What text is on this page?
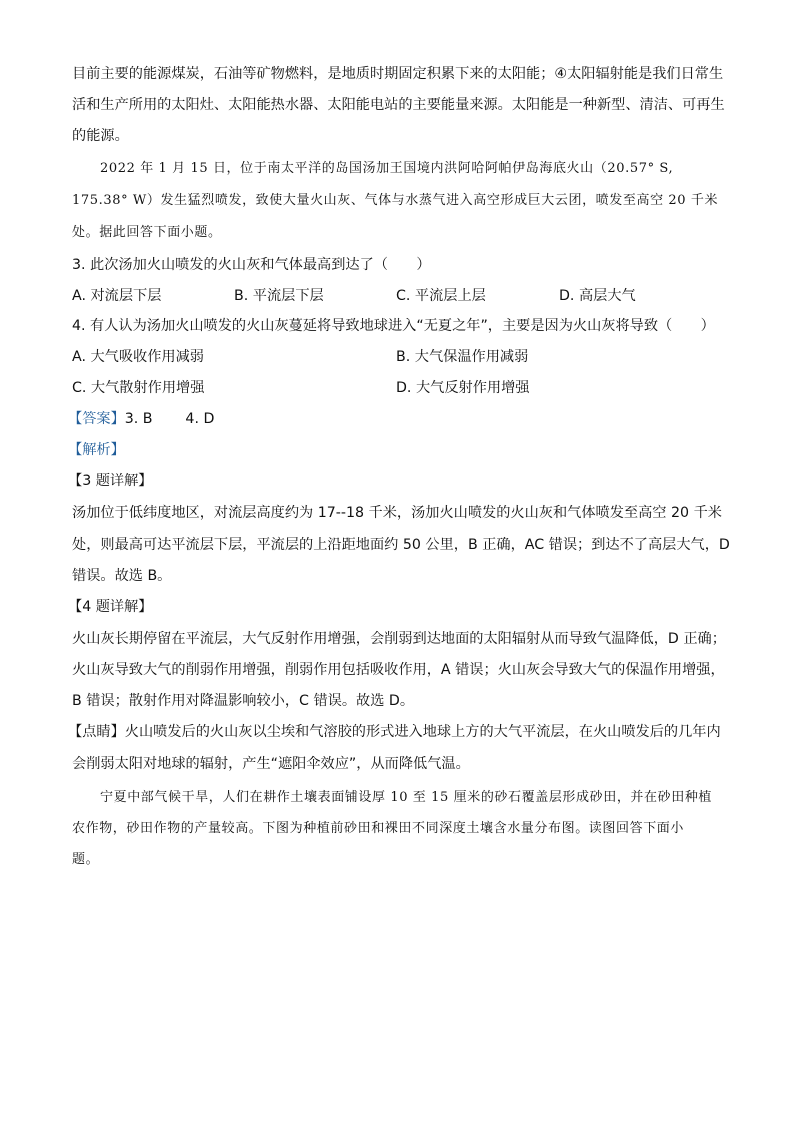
目前主要的能源煤炭，石油等矿物燃料，是地质时期固定积累下来的太阳能；④太阳辐射能是我们日常生
活和生产所用的太阳灶、太阳能热水器、太阳能电站的主要能量来源。太阳能是一种新型、清洁、可再生
的能源。
2022 年 1 月 15 日，位于南太平洋的岛国汤加王国境内洪阿哈阿帕伊岛海底火山（20.57° S,
175.38° W）发生猛烈喷发，致使大量火山灰、气体与水蒸气进入高空形成巨大云团，喷发至高空 20 千米
处。据此回答下面小题。
3. 此次汤加火山喷发的火山灰和气体最高到达了（　　）
A. 对流层下层	B. 平流层下层	C. 平流层上层	D. 高层大气
4. 有人认为汤加火山喷发的火山灰蔓延将导致地球进入“无夏之年”，主要是因为火山灰将导致（　　）
A. 大气吸收作用减弱	B. 大气保温作用减弱
C. 大气散射作用增强	D. 大气反射作用增强
【答案】3. B　　 4. D
【解析】
【3 题详解】
汤加位于低纬度地区，对流层高度约为 17--18 千米，汤加火山喷发的火山灰和气体喷发至高空 20 千米
处，则最高可达平流层下层，平流层的上沿距地面约 50 公里，B 正确，AC 错误；到达不了高层大气，D
错误。故选 B。
【4 题详解】
火山灰长期停留在平流层，大气反射作用增强，会削弱到达地面的太阳辐射从而导致气温降低，D 正确；
火山灰导致大气的削弱作用增强，削弱作用包括吸收作用，A 错误；火山灰会导致大气的保温作用增强，
B 错误；散射作用对降温影响较小，C 错误。故选 D。
【点睛】火山喷发后的火山灰以尘埃和气溶胶的形式进入地球上方的大气平流层，在火山喷发后的几年内
会削弱太阳对地球的辐射，产生“遮阳伞效应”，从而降低气温。
宁夏中部气候干旱，人们在耕作土壤表面铺设厚 10 至 15 厘米的砂石覆盖层形成砂田，并在砂田种植
农作物，砂田作物的产量较高。下图为种植前砂田和裸田不同深度土壤含水量分布图。读图回答下面小
题。
